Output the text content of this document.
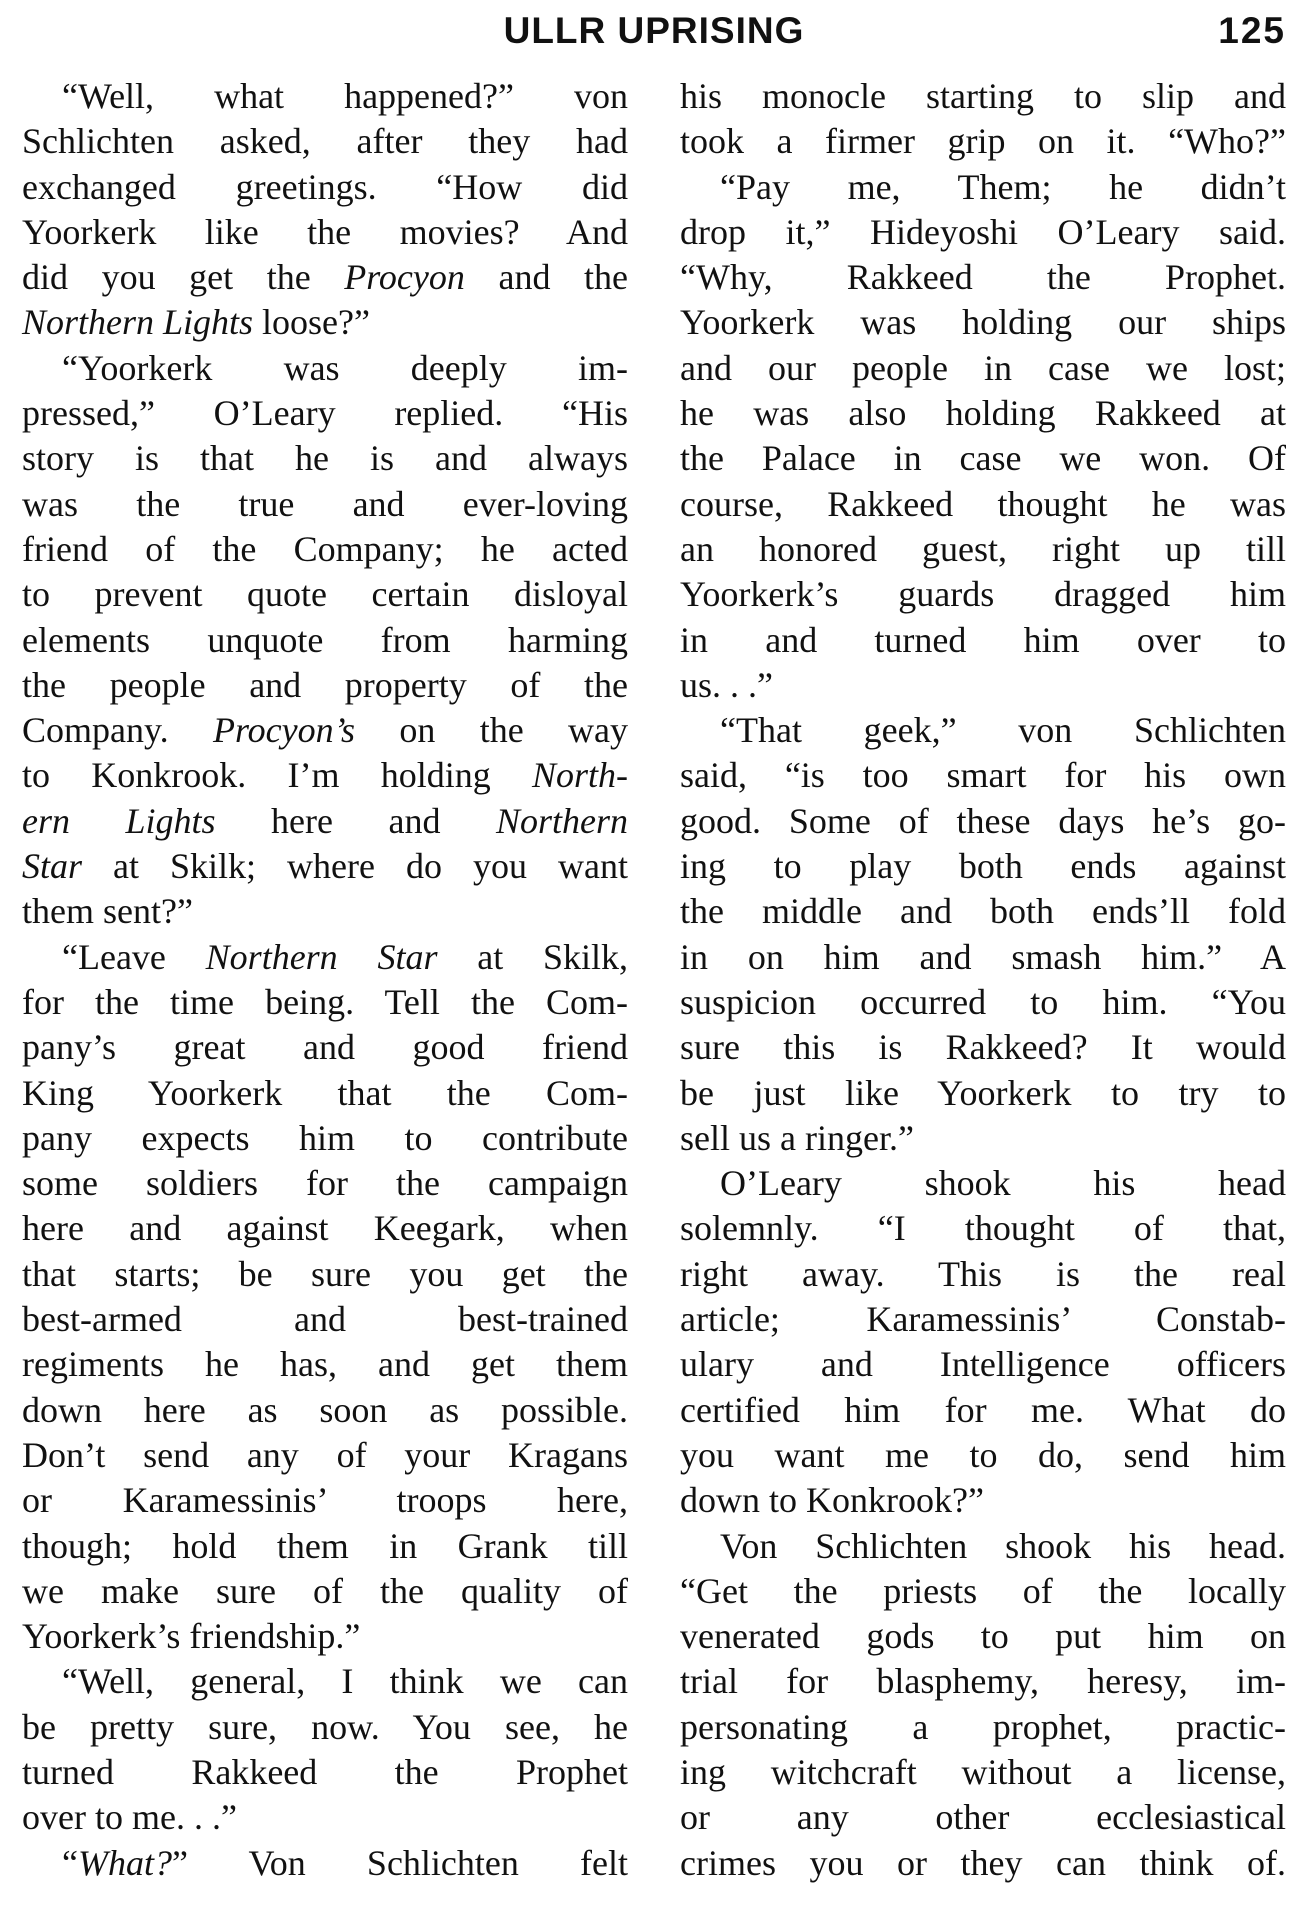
ULLR UPRISING	125
“Well, what happened?” von
Schlichten asked, after they had
exchanged greetings. “How did
Yoorkerk like the movies? And
did you get the Procyon and the
Northern Lights loose?”
“Yoorkerk was deeply im-
pressed,” O’Leary replied. “His
story is that he is and always
was the true and ever-loving
friend of the Company; he acted
to prevent quote certain disloyal
elements unquote from harming
the people and property of the
Company. Procyon’s on the way
to Konkrook. I’m holding North-
ern Lights here and Northern
Star at Skilk; where do you want
them sent?”
“Leave Northern Star at Skilk,
for the time being. Tell the Com-
pany’s great and good friend
King Yoorkerk that the Com-
pany expects him to contribute
some soldiers for the campaign
here and against Keegark, when
that starts; be sure you get the
best-armed and best-trained
regiments he has, and get them
down here as soon as possible.
Don’t send any of your Kragans
or Karamessinis’ troops here,
though; hold them in Grank till
we make sure of the quality of
Yoorkerk’s friendship.”
“Well, general, I think we can
be pretty sure, now. You see, he
turned Rakkeed the Prophet
over to me. . .”
“What?” Von Schlichten felt
his monocle starting to slip and
took a firmer grip on it. “Who?”
“Pay me, Them; he didn’t
drop it,” Hideyoshi O’Leary said.
“Why, Rakkeed the Prophet.
Yoorkerk was holding our ships
and our people in case we lost;
he was also holding Rakkeed at
the Palace in case we won. Of
course, Rakkeed thought he was
an honored guest, right up till
Yoorkerk’s guards dragged him
in and turned him over to
us. . .”
“That geek,” von Schlichten
said, “is too smart for his own
good. Some of these days he’s go-
ing to play both ends against
the middle and both ends’ll fold
in on him and smash him.” A
suspicion occurred to him. “You
sure this is Rakkeed? It would
be just like Yoorkerk to try to
sell us a ringer.”
O’Leary shook his head
solemnly. “I thought of that,
right away. This is the real
article; Karamessinis’ Constab-
ulary and Intelligence officers
certified him for me. What do
you want me to do, send him
down to Konkrook?”
Von Schlichten shook his head.
“Get the priests of the locally
venerated gods to put him on
trial for blasphemy, heresy, im-
personating a prophet, practic-
ing witchcraft without a license,
or any other ecclesiastical
crimes you or they can think of.
